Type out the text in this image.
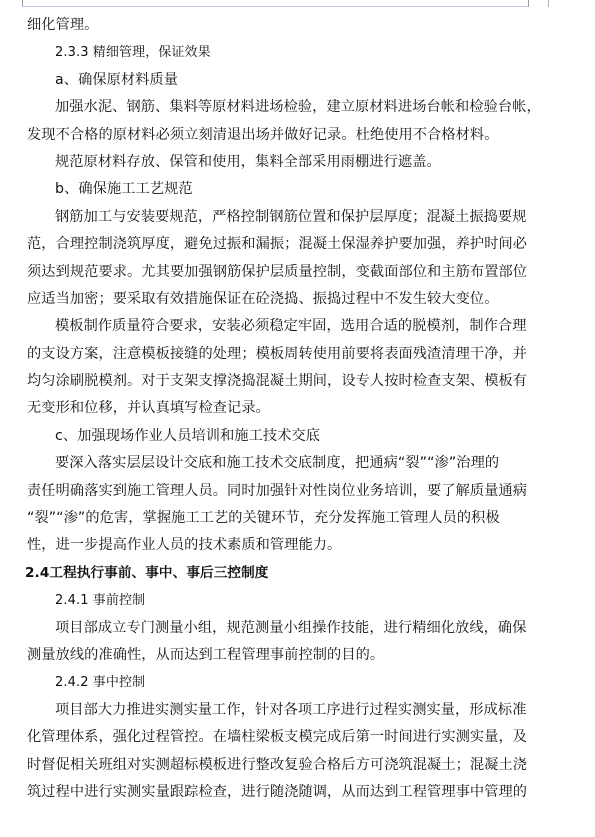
细化管理。
2.3.3 精细管理，保证效果
a、确保原材料质量
加强水泥、钢筋、集料等原材料进场检验，建立原材料进场台帐和检验台帐，
发现不合格的原材料必须立刻清退出场并做好记录。杜绝使用不合格材料。
规范原材料存放、保管和使用，集料全部采用雨棚进行遮盖。
b、确保施工工艺规范
钢筋加工与安装要规范，严格控制钢筋位置和保护层厚度；混凝土振捣要规
范，合理控制浇筑厚度，避免过振和漏振；混凝土保湿养护要加强，养护时间必
须达到规范要求。尤其要加强钢筋保护层质量控制，变截面部位和主筋布置部位
应适当加密；要采取有效措施保证在砼浇捣、振捣过程中不发生较大变位。
模板制作质量符合要求，安装必须稳定牢固，选用合适的脱模剂，制作合理
的支设方案，注意模板接缝的处理；模板周转使用前要将表面残渣清理干净，并
均匀涂刷脱模剂。对于支架支撑浇捣混凝土期间，设专人按时检查支架、模板有
无变形和位移，并认真填写检查记录。
c、加强现场作业人员培训和施工技术交底
要深入落实层层设计交底和施工技术交底制度，把通病“裂”“渗”治理的
责任明确落实到施工管理人员。同时加强针对性岗位业务培训，要了解质量通病
“裂”“渗”的危害，掌握施工工艺的关键环节，充分发挥施工管理人员的积极
性，进一步提高作业人员的技术素质和管理能力。
2.4工程执行事前、事中、事后三控制度
2.4.1 事前控制
项目部成立专门测量小组，规范测量小组操作技能，进行精细化放线，确保
测量放线的准确性，从而达到工程管理事前控制的目的。
2.4.2 事中控制
项目部大力推进实测实量工作，针对各项工序进行过程实测实量，形成标准
化管理体系，强化过程管控。在墙柱梁板支模完成后第一时间进行实测实量，及
时督促相关班组对实测超标模板进行整改复验合格后方可浇筑混凝土；混凝土浇
筑过程中进行实测实量跟踪检查，进行随浇随调，从而达到工程管理事中管理的
